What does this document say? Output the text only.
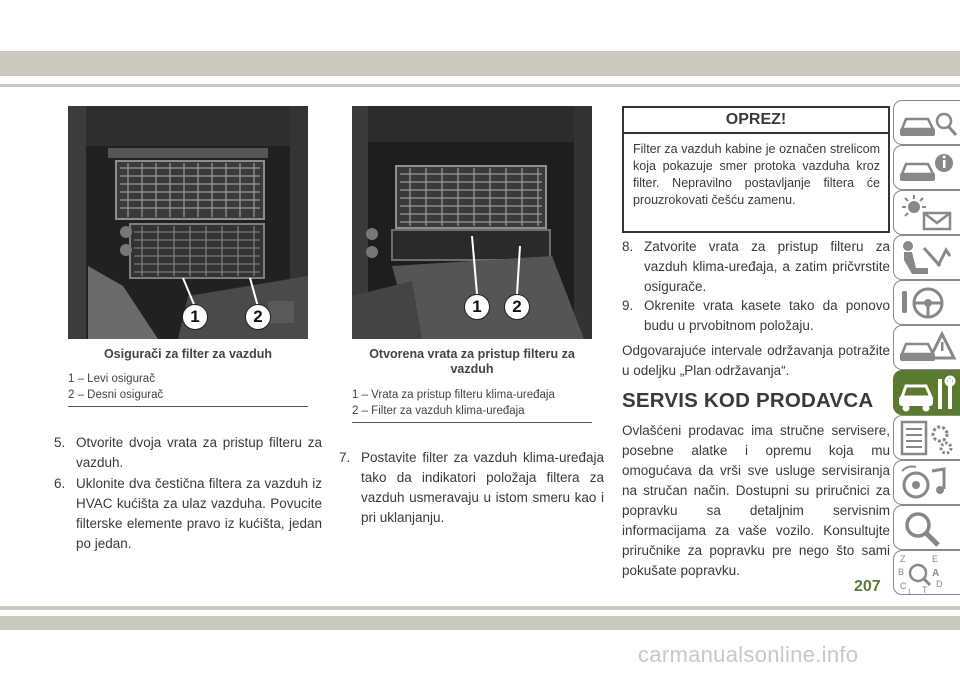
1	2
Osigurači za filter za vazduh
1 – Levi osigurač
2 – Desni osigurač
1	2
Otvorena vrata za pristup filteru za vazduh
1 – Vrata za pristup filteru klima-uređaja
2 – Filter za vazduh klima-uređaja
5. Otvorite dvoja vrata za pristup filteru za vazduh.
6. Uklonite dva čestična filtera za vazduh iz HVAC kućišta za ulaz vazduha. Povucite filterske elemente pravo iz kućišta, jedan po jedan.
7. Postavite filter za vazduh klima-uređaja tako da indikatori položaja filtera za vazduh usmeravaju u istom smeru kao i pri uklanjanju.
OPREZ!
Filter za vazduh kabine je označen strelicom koja pokazuje smer protoka vazduha kroz filter. Nepravilno postavljanje filtera će prouzrokovati češću zamenu.
8. Zatvorite vrata za pristup filteru za vazduh klima-uređaja, a zatim pričvrstite osigurače.
9. Okrenite vrata kasete tako da ponovo budu u prvobitnom položaju.
Odgovarajuće intervale održavanja potražite u odeljku „Plan održavanja“.
SERVIS KOD PRODAVCA
Ovlašćeni prodavac ima stručne servisere, posebne alatke i opremu koja mu omogućava da vrši sve usluge servisiranja na stručan način. Dostupni su priručnici za popravku sa detaljnim servisnim informacijama za vaše vozilo. Konsultujte priručnike za popravku pre nego što sami pokušate popravku.
207
Z	E
B	A
D
C T
I
carmanualsonline.info
